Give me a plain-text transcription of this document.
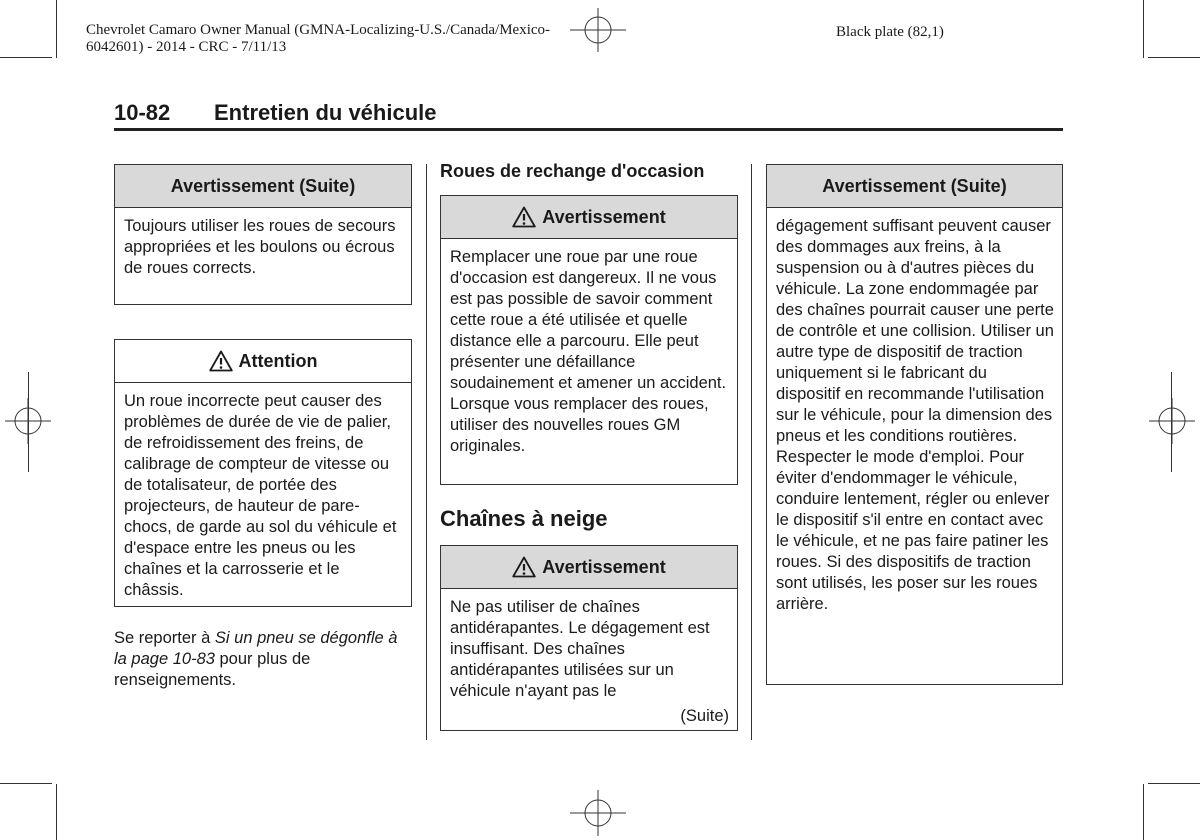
Chevrolet Camaro Owner Manual (GMNA-Localizing-U.S./Canada/Mexico-
6042601) - 2014 - CRC - 7/11/13
Black plate (82,1)
10-82 Entretien du véhicule
Avertissement (Suite)
Toujours utiliser les roues de secours appropriées et les boulons ou écrous de roues corrects.
Attention
Un roue incorrecte peut causer des problèmes de durée de vie de palier, de refroidissement des freins, de calibrage de compteur de vitesse ou de totalisateur, de portée des projecteurs, de hauteur de pare-chocs, de garde au sol du véhicule et d'espace entre les pneus ou les chaînes et la carrosserie et le châssis.
Se reporter à Si un pneu se dégonfle à la page 10-83 pour plus de renseignements.
Roues de rechange d'occasion
Avertissement
Remplacer une roue par une roue d'occasion est dangereux. Il ne vous est pas possible de savoir comment cette roue a été utilisée et quelle distance elle a parcouru. Elle peut présenter une défaillance soudainement et amener un accident. Lorsque vous remplacer des roues, utiliser des nouvelles roues GM originales.
Chaînes à neige
Avertissement
Ne pas utiliser de chaînes antidérapantes. Le dégagement est insuffisant. Des chaînes antidérapantes utilisées sur un véhicule n'ayant pas le
(Suite)
Avertissement (Suite)
dégagement suffisant peuvent causer des dommages aux freins, à la suspension ou à d'autres pièces du véhicule. La zone endommagée par des chaînes pourrait causer une perte de contrôle et une collision. Utiliser un autre type de dispositif de traction uniquement si le fabricant du dispositif en recommande l'utilisation sur le véhicule, pour la dimension des pneus et les conditions routières. Respecter le mode d'emploi. Pour éviter d'endommager le véhicule, conduire lentement, régler ou enlever le dispositif s'il entre en contact avec le véhicule, et ne pas faire patiner les roues. Si des dispositifs de traction sont utilisés, les poser sur les roues arrière.
